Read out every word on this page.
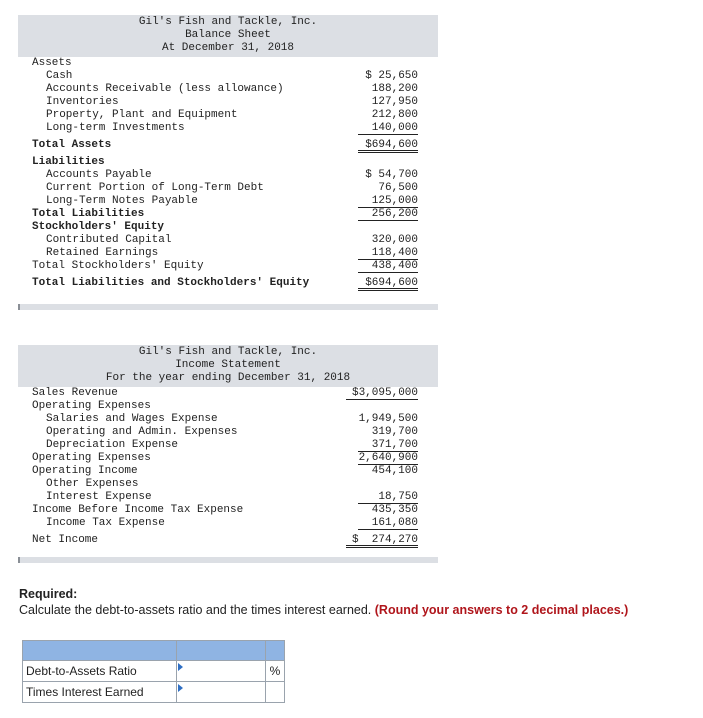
Gil's Fish and Tackle, Inc.
Balance Sheet
At December 31, 2018
Assets
Cash	$ 25,650
Accounts Receivable (less allowance)	188,200
Inventories	127,950
Property, Plant and Equipment	212,800
Long-term Investments	140,000
Total Assets	$694,600
Liabilities
Accounts Payable	$ 54,700
Current Portion of Long-Term Debt	76,500
Long-Term Notes Payable	125,000
Total Liabilities	256,200
Stockholders' Equity
Contributed Capital	320,000
Retained Earnings	118,400
Total Stockholders' Equity	438,400
Total Liabilities and Stockholders' Equity	$694,600
Gil's Fish and Tackle, Inc.
Income Statement
For the year ending December 31, 2018
Sales Revenue	$3,095,000
Operating Expenses
Salaries and Wages Expense	1,949,500
Operating and Admin. Expenses	319,700
Depreciation Expense	371,700
Operating Expenses	2,640,900
Operating Income	454,100
Other Expenses
Interest Expense	18,750
Income Before Income Tax Expense	435,350
Income Tax Expense	161,080
Net Income	$  274,270
Required:
Calculate the debt-to-assets ratio and the times interest earned. (Round your answers to 2 decimal places.)

Debt-to-Assets Ratio		%
Times Interest Earned	
